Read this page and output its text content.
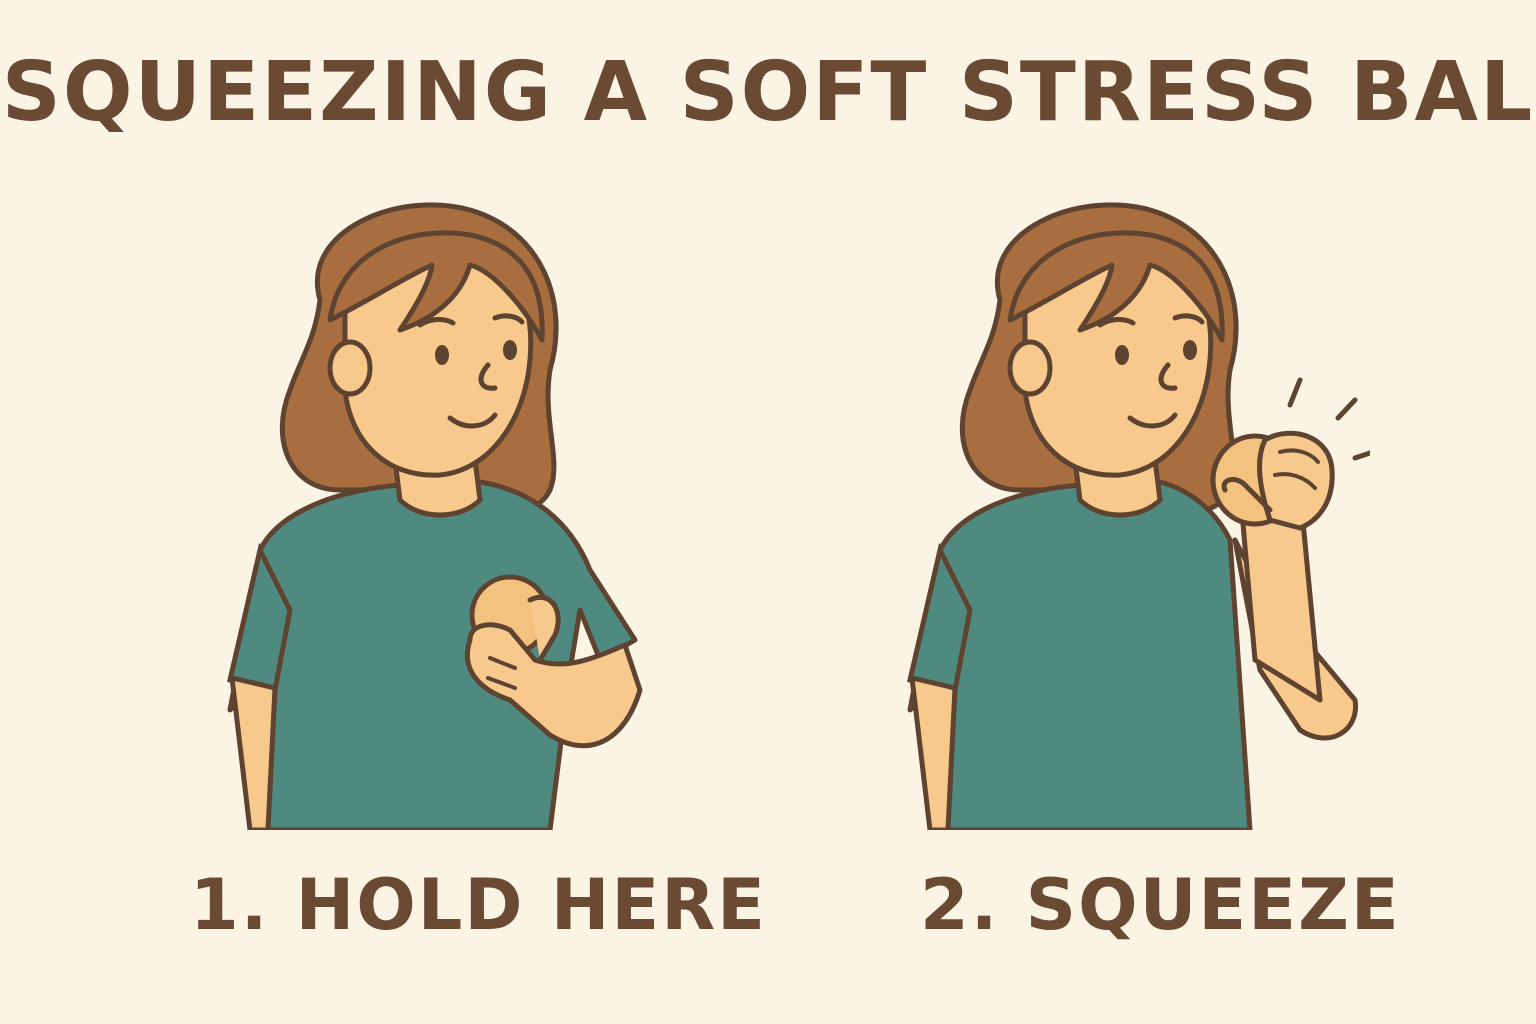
SQUEEZING A SOFT STRESS BAL
1. HOLD HERE 2. SQUEEZE
